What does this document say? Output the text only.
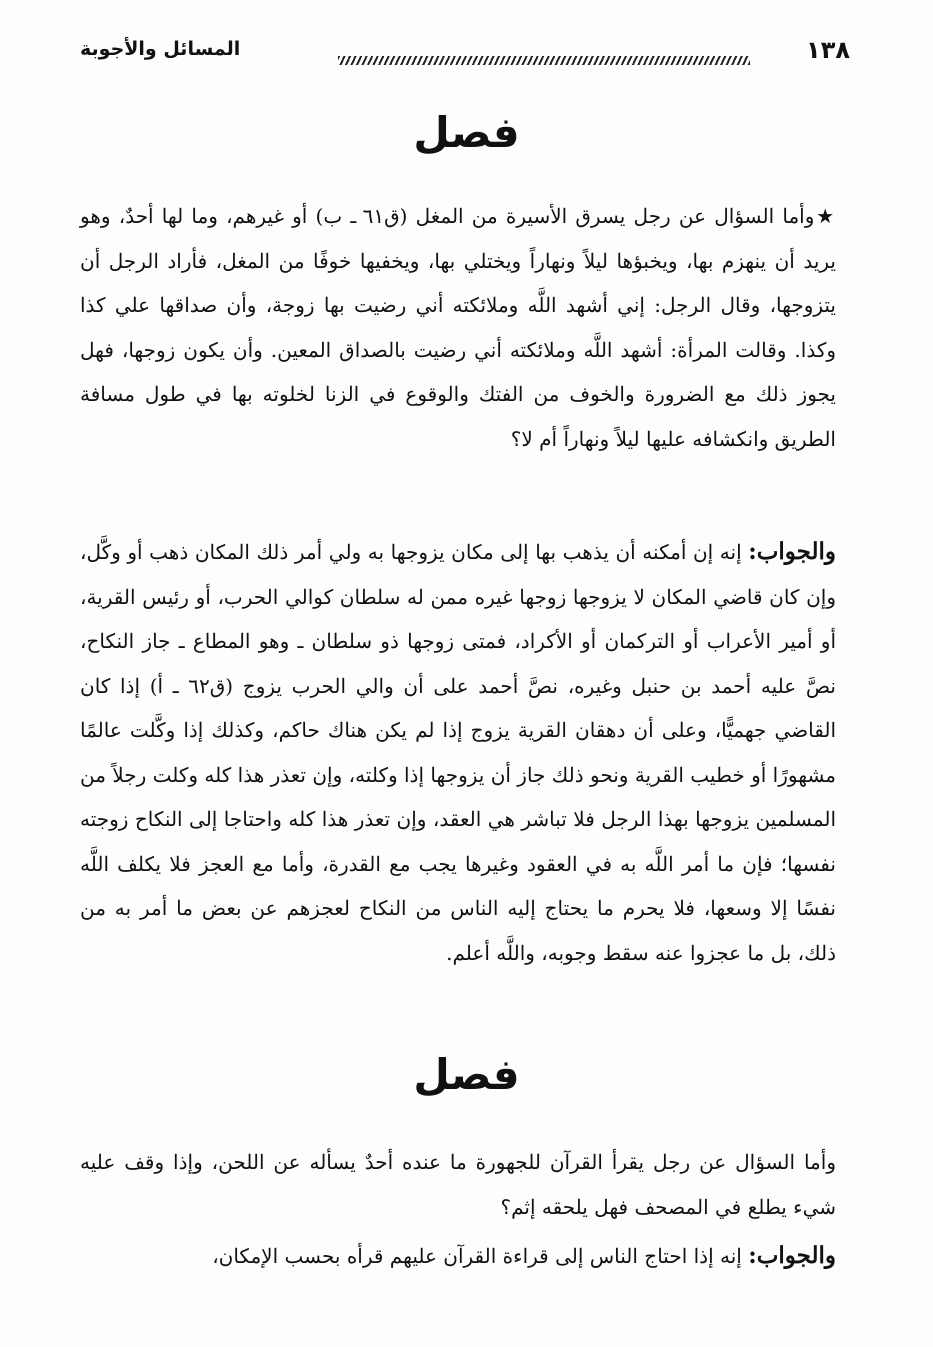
المسائل والأجوبة	١٣٨
فصل

★وأما السؤال عن رجل يسرق الأسيرة من المغل (ق٦١ ـ ب) أو غيرهم، وما لها أحدٌ، وهو يريد أن ينهزم بها، ويخبؤها ليلاً ونهاراً ويختلي بها، ويخفيها خوفًا من المغل، فأراد الرجل أن يتزوجها، وقال الرجل: إني أشهد اللَّه وملائكته أني رضيت بها زوجة، وأن صداقها علي كذا وكذا. وقالت المرأة: أشهد اللَّه وملائكته أني رضيت بالصداق المعين. وأن يكون زوجها، فهل يجوز ذلك مع الضرورة والخوف من الفتك والوقوع في الزنا لخلوته بها في طول مسافة الطريق وانكشافه عليها ليلاً ونهاراً أم لا؟

والجواب: إنه إن أمكنه أن يذهب بها إلى مكان يزوجها به ولي أمر ذلك المكان ذهب أو وكَّل، وإن كان قاضي المكان لا يزوجها زوجها غيره ممن له سلطان كوالي الحرب، أو رئيس القرية، أو أمير الأعراب أو التركمان أو الأكراد، فمتى زوجها ذو سلطان ـ وهو المطاع ـ جاز النكاح، نصَّ عليه أحمد بن حنبل وغيره، نصَّ أحمد على أن والي الحرب يزوج (ق٦٢ ـ أ) إذا كان القاضي جهميًّا، وعلى أن دهقان القرية يزوج إذا لم يكن هناك حاكم، وكذلك إذا وكَّلت عالمًا مشهورًا أو خطيب القرية ونحو ذلك جاز أن يزوجها إذا وكلته، وإن تعذر هذا كله وكلت رجلاً من المسلمين يزوجها بهذا الرجل فلا تباشر هي العقد، وإن تعذر هذا كله واحتاجا إلى النكاح زوجته نفسها؛ فإن ما أمر اللَّه به في العقود وغيرها يجب مع القدرة، وأما مع العجز فلا يكلف اللَّه نفسًا إلا وسعها، فلا يحرم ما يحتاج إليه الناس من النكاح لعجزهم عن بعض ما أمر به من ذلك، بل ما عجزوا عنه سقط وجوبه، واللَّه أعلم.

فصل

وأما السؤال عن رجل يقرأ القرآن للجهورة ما عنده أحدٌ يسأله عن اللحن، وإذا وقف عليه شيء يطلع في المصحف فهل يلحقه إثم؟

والجواب: إنه إذا احتاج الناس إلى قراءة القرآن عليهم قرأه بحسب الإمكان،
